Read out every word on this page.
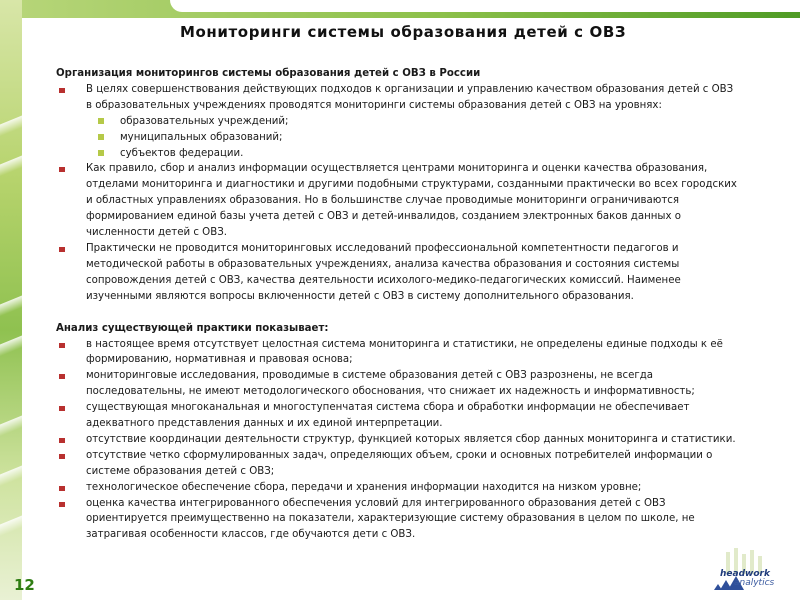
Мониторинги системы образования детей с ОВЗ
Организация мониторингов системы образования детей с ОВЗ в России
В целях совершенствования действующих подходов к организации и управлению качеством образования детей с ОВЗ в образовательных учреждениях проводятся мониторинги системы образования детей с ОВЗ на уровнях:
образовательных учреждений;
муниципальных образований;
субъектов федерации.
Как правило, сбор и анализ информации осуществляется центрами мониторинга и оценки качества образования, отделами мониторинга и диагностики и другими подобными структурами, созданными практически во всех городских и областных управлениях образования. Но в большинстве случае проводимые мониторинги ограничиваются формированием единой базы учета детей с ОВЗ и детей-инвалидов, созданием электронных баков данных о численности детей с ОВЗ.
Практически не проводится мониторинговых исследований профессиональной компетентности педагогов и методической работы в образовательных учреждениях, анализа качества образования и состояния системы сопровождения детей с ОВЗ, качества деятельности исихолого-медико-педагогических комиссий. Наименее изученными являются вопросы включенности детей с ОВЗ в систему дополнительного образования.
Анализ существующей практики показывает:
в настоящее время отсутствует целостная система мониторинга и статистики, не определены единые подходы к её формированию, нормативная и правовая основа;
мониторинговые исследования, проводимые в системе образования детей с ОВЗ разрознены, не всегда последовательны, не имеют методологического обоснования, что снижает их надежность и информативность;
существующая многоканальная и многоступенчатая система сбора и обработки информации не обеспечивает адекватного представления данных и их единой интерпретации.
отсутствие координации деятельности структур, функцией которых является сбор данных мониторинга и статистики.
отсутствие четко сформулированных задач, определяющих объем, сроки и основных потребителей информации о системе образования детей с ОВЗ;
технологическое обеспечение сбора, передачи и хранения информации находится на низком уровне;
оценка качества интегрированного обеспечения условий для интегрированного образования детей с ОВЗ ориентируется преимущественно на показатели, характеризующие систему образования в целом по школе, не затрагивая особенности классов, где обучаются дети с ОВЗ.
12
headwork
analytics
